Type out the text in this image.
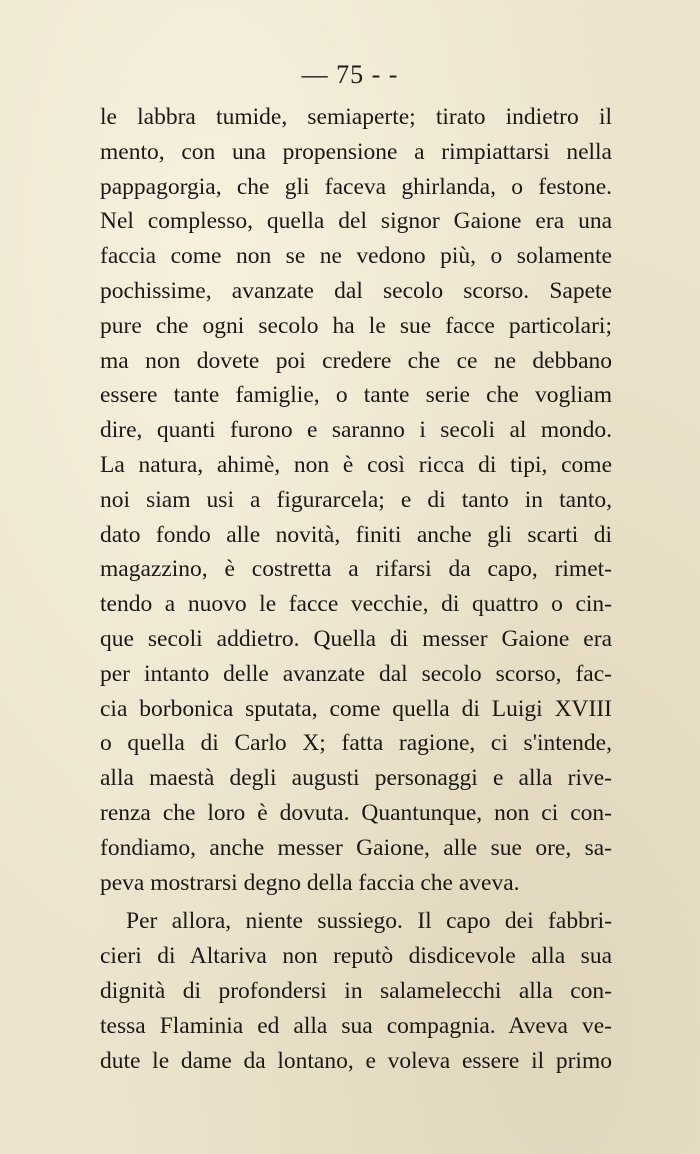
— 75 - -
le labbra tumide, semiaperte; tirato indietro il
mento, con una propensione a rimpiattarsi nella
pappagorgia, che gli faceva ghirlanda, o festone.
Nel complesso, quella del signor Gaione era una
faccia come non se ne vedono più, o solamente
pochissime, avanzate dal secolo scorso. Sapete
pure che ogni secolo ha le sue facce particolari;
ma non dovete poi credere che ce ne debbano
essere tante famiglie, o tante serie che vogliam
dire, quanti furono e saranno i secoli al mondo.
La natura, ahimè, non è così ricca di tipi, come
noi siam usi a figurarcela; e di tanto in tanto,
dato fondo alle novità, finiti anche gli scarti di
magazzino, è costretta a rifarsi da capo, rimet-
tendo a nuovo le facce vecchie, di quattro o cin-
que secoli addietro. Quella di messer Gaione era
per intanto delle avanzate dal secolo scorso, fac-
cia borbonica sputata, come quella di Luigi XVIII
o quella di Carlo X; fatta ragione, ci s'intende,
alla maestà degli augusti personaggi e alla rive-
renza che loro è dovuta. Quantunque, non ci con-
fondiamo, anche messer Gaione, alle sue ore, sa-
peva mostrarsi degno della faccia che aveva.
Per allora, niente sussiego. Il capo dei fabbri-
cieri di Altariva non reputò disdicevole alla sua
dignità di profondersi in salamelecchi alla con-
tessa Flaminia ed alla sua compagnia. Aveva ve-
dute le dame da lontano, e voleva essere il primo
